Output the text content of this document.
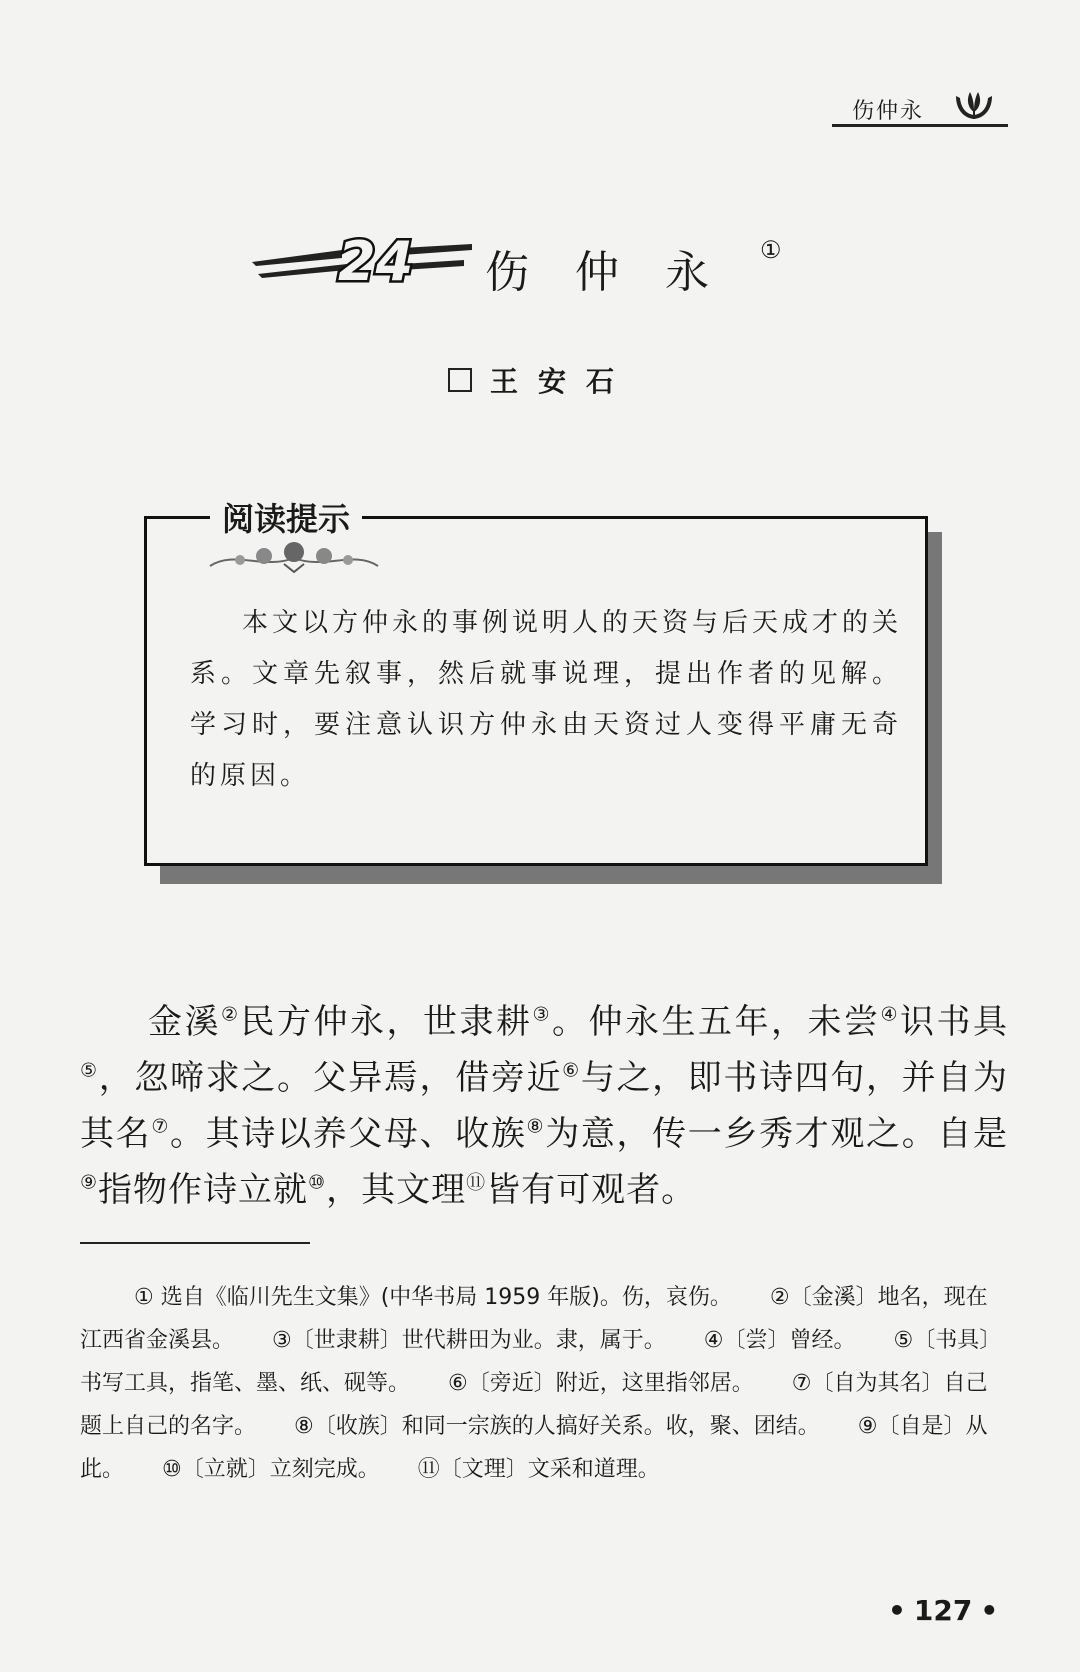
伤仲永
24 伤 仲 永	①
王安石
阅读提示
本文以方仲永的事例说明人的天资与后天成才的关系。文章先叙事，然后就事说理，提出作者的见解。学习时，要注意认识方仲永由天资过人变得平庸无奇的原因。
金溪②民方仲永，世隶耕③。仲永生五年，未尝④识书具⑤，忽啼求之。父异焉，借旁近⑥与之，即书诗四句，并自为其名⑦。其诗以养父母、收族⑧为意，传一乡秀才观之。自是⑨指物作诗立就⑩，其文理⑪皆有可观者。
① 选自《临川先生文集》(中华书局 1959 年版)。伤，哀伤。 ②〔金溪〕地名，现在江西省金溪县。 ③〔世隶耕〕世代耕田为业。隶，属于。 ④〔尝〕曾经。 ⑤〔书具〕书写工具，指笔、墨、纸、砚等。 ⑥〔旁近〕附近，这里指邻居。 ⑦〔自为其名〕自己题上自己的名字。 ⑧〔收族〕和同一宗族的人搞好关系。收，聚、团结。 ⑨〔自是〕从此。 ⑩〔立就〕立刻完成。 ⑪〔文理〕文采和道理。
• 127 •
